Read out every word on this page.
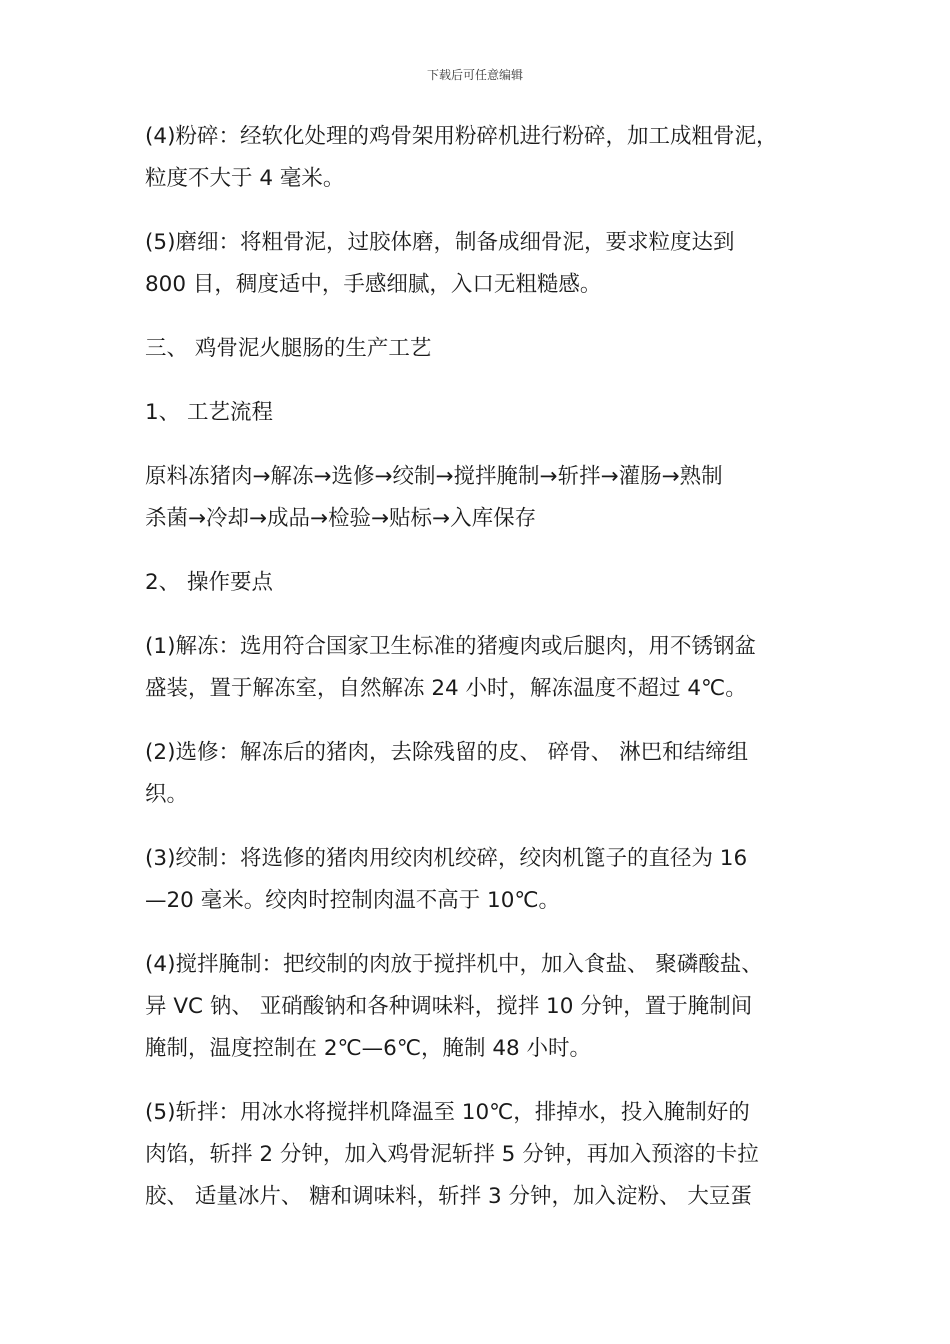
下载后可任意编辑

(4)粉碎：经软化处理的鸡骨架用粉碎机进行粉碎，加工成粗骨泥，
粒度不大于 4 毫米。

(5)磨细：将粗骨泥，过胶体磨，制备成细骨泥，要求粒度达到
800 目，稠度适中，手感细腻，入口无粗糙感。

三、 鸡骨泥火腿肠的生产工艺

1、 工艺流程

原料冻猪肉→解冻→选修→绞制→搅拌腌制→斩拌→灌肠→熟制
杀菌→冷却→成品→检验→贴标→入库保存

2、 操作要点

(1)解冻：选用符合国家卫生标准的猪瘦肉或后腿肉，用不锈钢盆
盛装，置于解冻室，自然解冻 24 小时，解冻温度不超过 4℃。

(2)选修：解冻后的猪肉，去除残留的皮、 碎骨、 淋巴和结缔组
织。

(3)绞制：将选修的猪肉用绞肉机绞碎，绞肉机篦子的直径为 16
—20 毫米。绞肉时控制肉温不高于 10℃。

(4)搅拌腌制：把绞制的肉放于搅拌机中，加入食盐、 聚磷酸盐、
异 VC 钠、 亚硝酸钠和各种调味料，搅拌 10 分钟，置于腌制间
腌制，温度控制在 2℃—6℃，腌制 48 小时。

(5)斩拌：用冰水将搅拌机降温至 10℃，排掉水，投入腌制好的
肉馅，斩拌 2 分钟，加入鸡骨泥斩拌 5 分钟，再加入预溶的卡拉
胶、 适量冰片、 糖和调味料，斩拌 3 分钟，加入淀粉、 大豆蛋
